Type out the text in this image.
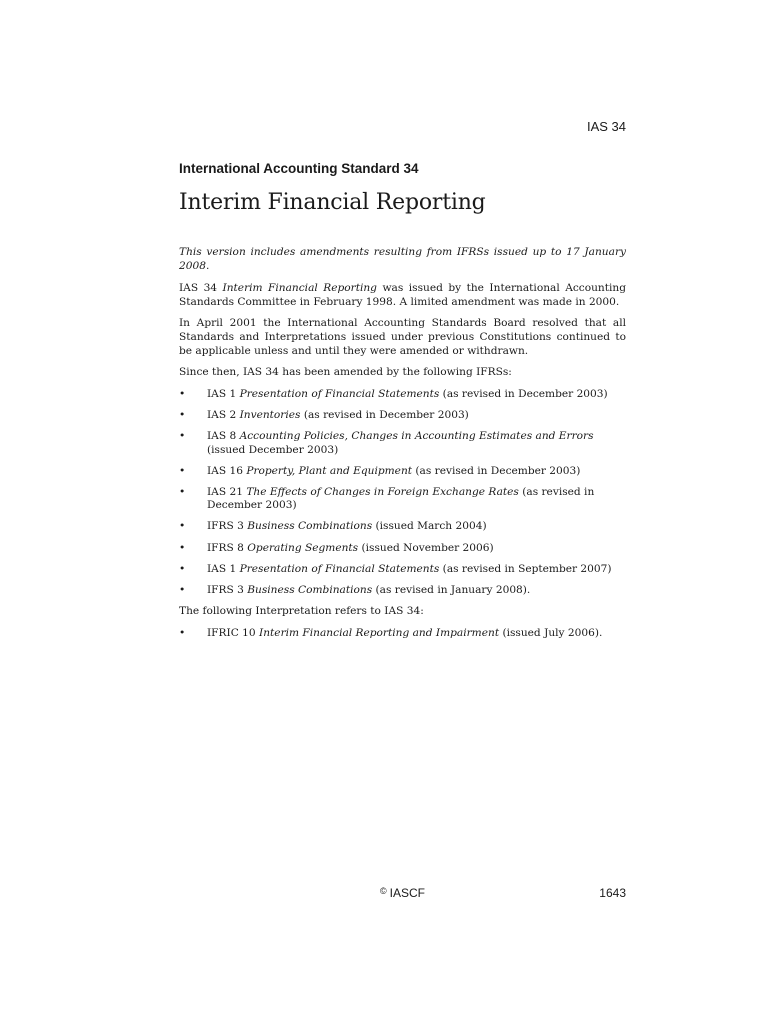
IAS 34
International Accounting Standard 34
Interim Financial Reporting

This version includes amendments resulting from IFRSs issued up to 17 January 2008.

IAS 34 Interim Financial Reporting was issued by the International Accounting Standards Committee in February 1998. A limited amendment was made in 2000.

In April 2001 the International Accounting Standards Board resolved that all Standards and Interpretations issued under previous Constitutions continued to be applicable unless and until they were amended or withdrawn.

Since then, IAS 34 has been amended by the following IFRSs:

• IAS 1 Presentation of Financial Statements (as revised in December 2003)
• IAS 2 Inventories (as revised in December 2003)
• IAS 8 Accounting Policies, Changes in Accounting Estimates and Errors
(issued December 2003)
• IAS 16 Property, Plant and Equipment (as revised in December 2003)
• IAS 21 The Effects of Changes in Foreign Exchange Rates (as revised in December 2003)
• IFRS 3 Business Combinations (issued March 2004)
• IFRS 8 Operating Segments (issued November 2006)
• IAS 1 Presentation of Financial Statements (as revised in September 2007)
• IFRS 3 Business Combinations (as revised in January 2008).

The following Interpretation refers to IAS 34:

• IFRIC 10 Interim Financial Reporting and Impairment (issued July 2006).
© IASCF	1643
